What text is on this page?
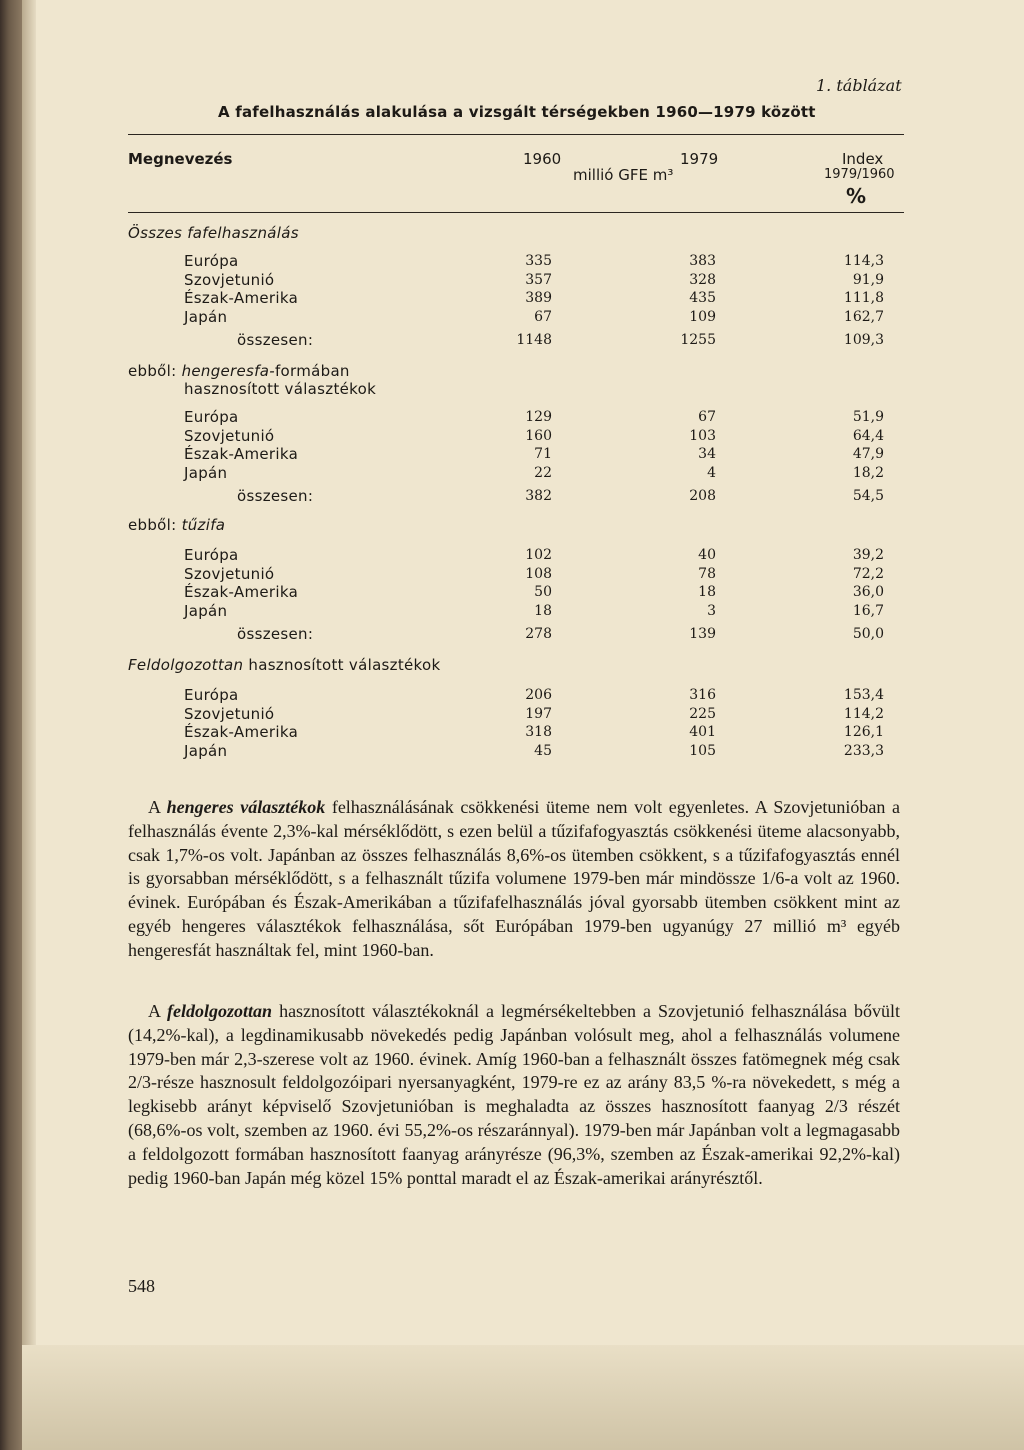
1. táblázat
A fafelhasználás alakulása a vizsgált térségekben 1960—1979 között
Megnevezés	1960	1979
millió GFE m³
Index
1979/1960
%
Összes fafelhasználás
Európa	335	383	114,3
Szovjetunió	357	328	91,9
Észak-Amerika	389	435	111,8
Japán	67	109	162,7
összesen:	1148	1255	109,3
ebből: hengeresfa-formában
hasznosított választékok
Európa	129	67	51,9
Szovjetunió	160	103	64,4
Észak-Amerika	71	34	47,9
Japán	22	4	18,2
összesen:	382	208	54,5
ebből: tűzifa
Európa	102	40	39,2
Szovjetunió	108	78	72,2
Észak-Amerika	50	18	36,0
Japán	18	3	16,7
összesen:	278	139	50,0
Feldolgozottan hasznosított választékok
Európa	206	316	153,4
Szovjetunió	197	225	114,2
Észak-Amerika	318	401	126,1
Japán	45	105	233,3
A hengeres választékok felhasználásának csökkenési üteme nem volt egyenletes. A Szovjetunióban a felhasználás évente 2,3%-kal mérséklődött, s ezen belül a tűzifafogyasztás csökkenési üteme alacsonyabb, csak 1,7%-os volt. Japánban az összes felhasználás 8,6%-os ütemben csökkent, s a tűzifafogyasztás ennél is gyorsabban mérséklődött, s a felhasznált tűzifa volumene 1979-ben már mindössze 1/6-a volt az 1960. évinek. Európában és Észak-Amerikában a tűzifafelhasználás jóval gyorsabb ütemben csökkent mint az egyéb hengeres választékok felhasználása, sőt Európában 1979-ben ugyanúgy 27 millió m³ egyéb hengeresfát használtak fel, mint 1960-ban.
A feldolgozottan hasznosított választékoknál a legmérsékeltebben a Szovjetunió felhasználása bővült (14,2%-kal), a legdinamikusabb növekedés pedig Japánban volósult meg, ahol a felhasználás volumene 1979-ben már 2,3-szerese volt az 1960. évinek. Amíg 1960-ban a felhasznált összes fatömegnek még csak 2/3-része hasznosult feldolgozóipari nyersanyagként, 1979-re ez az arány 83,5 %-ra növekedett, s még a legkisebb arányt képviselő Szovjetunióban is meghaladta az összes hasznosított faanyag 2/3 részét (68,6%-os volt, szemben az 1960. évi 55,2%-os részaránnyal). 1979-ben már Japánban volt a legmagasabb a feldolgozott formában hasznosított faanyag arányrésze (96,3%, szemben az Észak-amerikai 92,2%-kal) pedig 1960-ban Japán még közel 15% ponttal maradt el az Észak-amerikai arányrésztől.
548
